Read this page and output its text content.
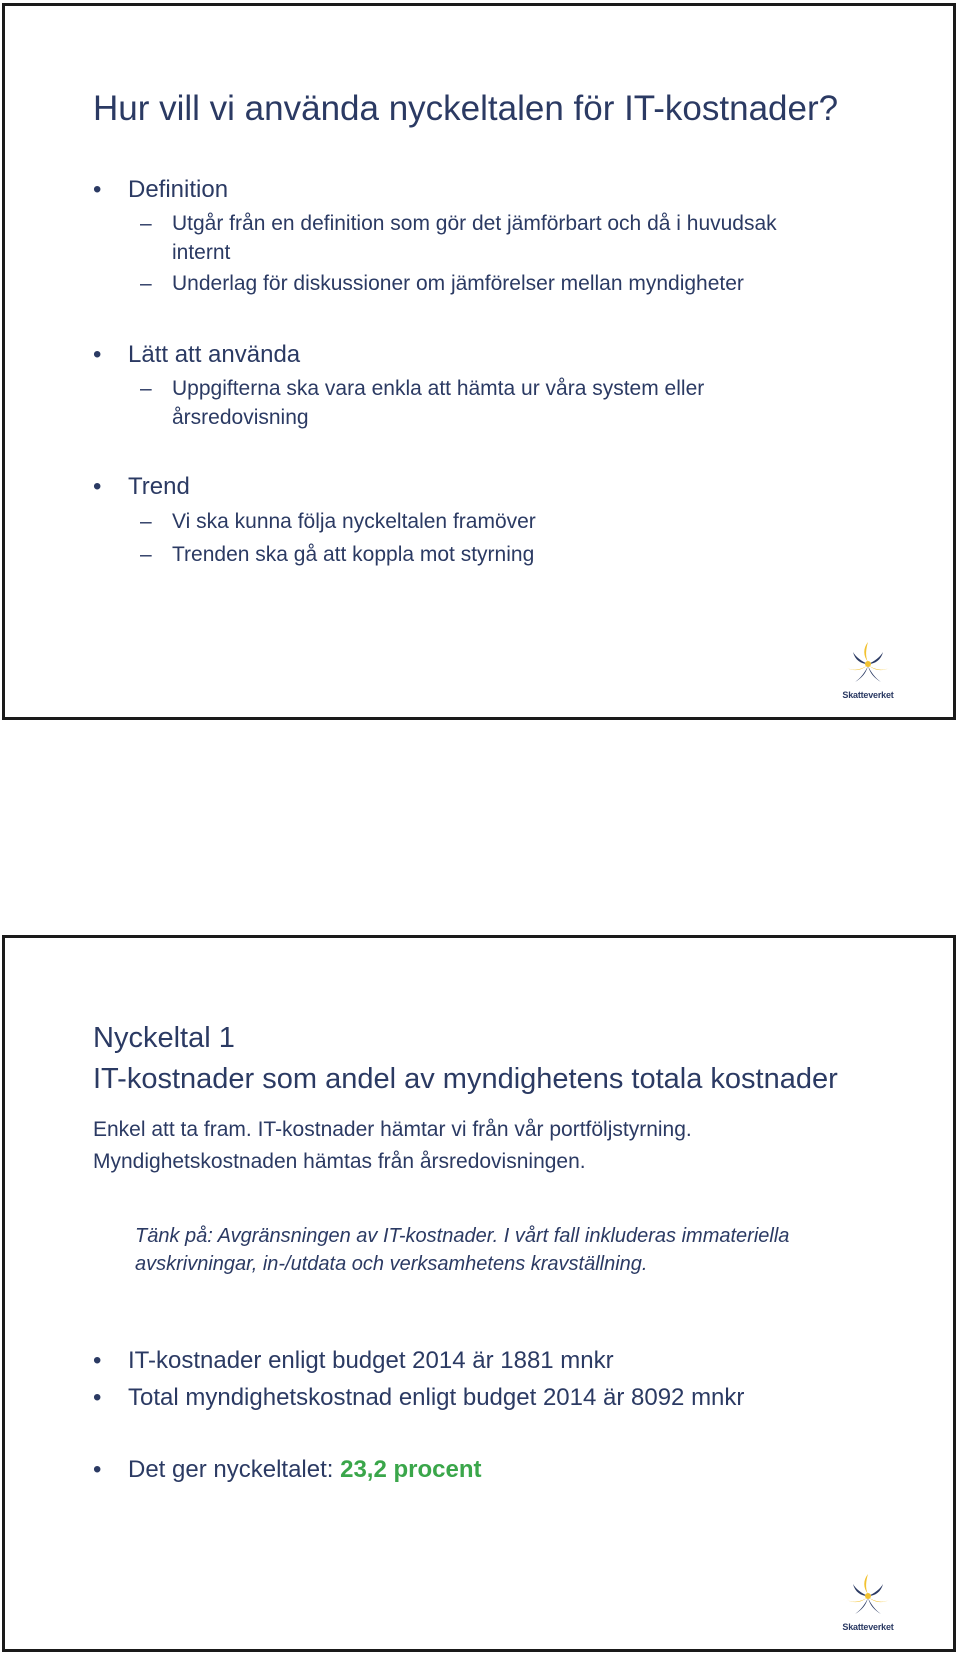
Hur vill vi använda nyckeltalen för IT-kostnader?
• Definition
– Utgår från en definition som gör det jämförbart och då i huvudsak internt
– Underlag för diskussioner om jämförelser mellan myndigheter
• Lätt att använda
– Uppgifterna ska vara enkla att hämta ur våra system eller årsredovisning
• Trend
– Vi ska kunna följa nyckeltalen framöver
– Trenden ska gå att koppla mot styrning
Skatteverket
Nyckeltal 1
IT-kostnader som andel av myndighetens totala kostnader
Enkel att ta fram. IT-kostnader hämtar vi från vår portföljstyrning.
Myndighetskostnaden hämtas från årsredovisningen.
Tänk på: Avgränsningen av IT-kostnader. I vårt fall inkluderas immateriella avskrivningar, in-/utdata och verksamhetens kravställning.
• IT-kostnader enligt budget 2014 är 1881 mnkr
• Total myndighetskostnad enligt budget 2014 är 8092 mnkr
• Det ger nyckeltalet: 23,2 procent
Skatteverket
